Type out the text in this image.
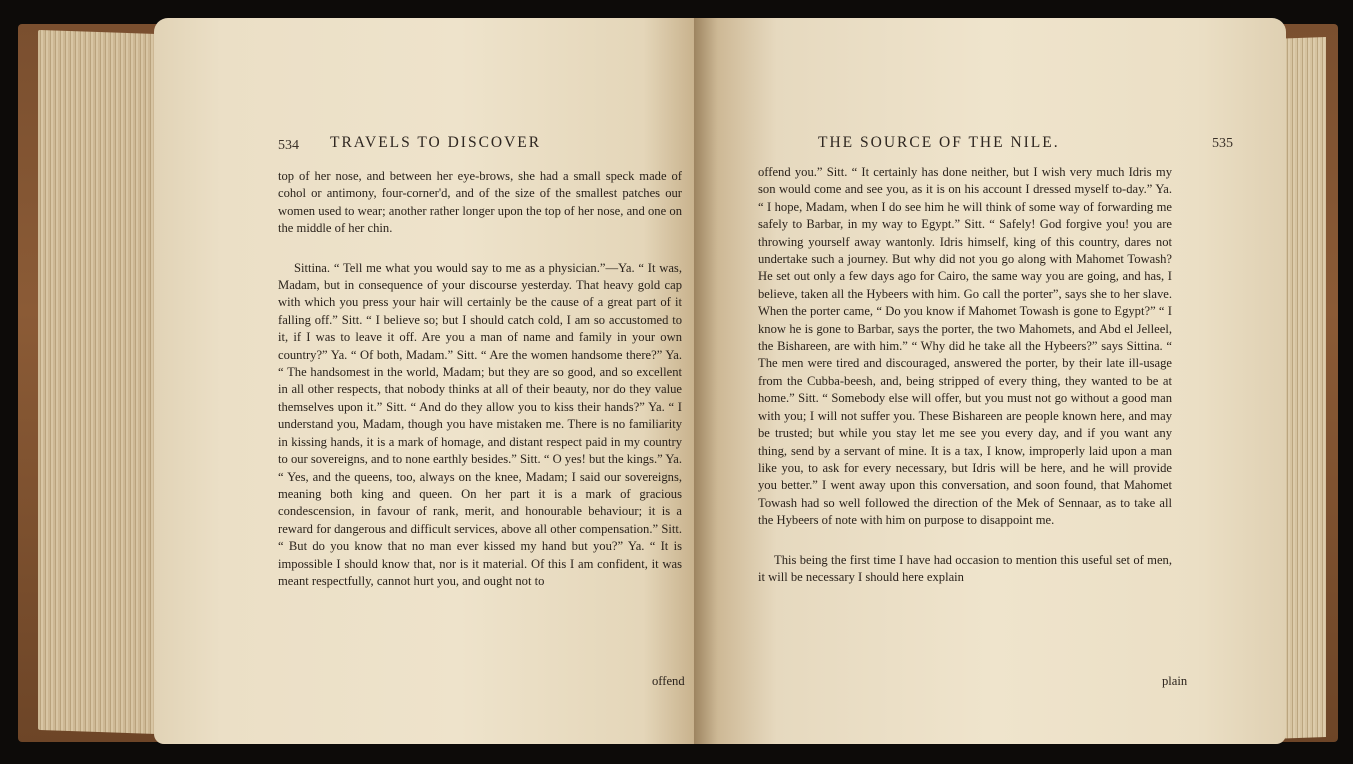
534 TRAVELS TO DISCOVER

top of her nose, and between her eye-brows, she had a small speck made of cohol or antimony, four-corner'd, and of the size of the smallest patches our women used to wear; another rather longer upon the top of her nose, and one on the middle of her chin.

Sittina. “ Tell me what you would say to me as a physician.”—Ya. “ It was, Madam, but in consequence of your discourse yesterday. That heavy gold cap with which you press your hair will certainly be the cause of a great part of it falling off.” Sitt. “ I believe so; but I should catch cold, I am so accustomed to it, if I was to leave it off. Are you a man of name and family in your own country?” Ya. “ Of both, Madam.” Sitt. “ Are the women handsome there?” Ya. “ The handsomest in the world, Madam; but they are so good, and so excellent in all other respects, that nobody thinks at all of their beauty, nor do they value themselves upon it.” Sitt. “ And do they allow you to kiss their hands?” Ya. “ I understand you, Madam, though you have mistaken me. There is no familiarity in kissing hands, it is a mark of homage, and distant respect paid in my country to our sovereigns, and to none earthly besides.” Sitt. “ O yes! but the kings.” Ya. “ Yes, and the queens, too, always on the knee, Madam; I said our sovereigns, meaning both king and queen. On her part it is a mark of gracious condescension, in favour of rank, merit, and honourable behaviour; it is a reward for dangerous and difficult services, above all other compensation.” Sitt. “ But do you know that no man ever kissed my hand but you?” Ya. “ It is impossible I should know that, nor is it material. Of this I am confident, it was meant respectfully, cannot hurt you, and ought not to

offend
THE SOURCE OF THE NILE.	535

offend you.” Sitt. “ It certainly has done neither, but I wish very much Idris my son would come and see you, as it is on his account I dressed myself to-day.” Ya. “ I hope, Madam, when I do see him he will think of some way of forwarding me safely to Barbar, in my way to Egypt.” Sitt. “ Safely! God forgive you! you are throwing yourself away wantonly. Idris himself, king of this country, dares not undertake such a journey. But why did not you go along with Mahomet Towash? He set out only a few days ago for Cairo, the same way you are going, and has, I believe, taken all the Hybeers with him. Go call the porter”, says she to her slave. When the porter came, “ Do you know if Mahomet Towash is gone to Egypt?” “ I know he is gone to Barbar, says the porter, the two Mahomets, and Abd el Jelleel, the Bishareen, are with him.” “ Why did he take all the Hybeers?” says Sittina. “ The men were tired and discouraged, answered the porter, by their late ill-usage from the Cubba-beesh, and, being stripped of every thing, they wanted to be at home.” Sitt. “ Somebody else will offer, but you must not go without a good man with you; I will not suffer you. These Bishareen are people known here, and may be trusted; but while you stay let me see you every day, and if you want any thing, send by a servant of mine. It is a tax, I know, improperly laid upon a man like you, to ask for every necessary, but Idris will be here, and he will provide you better.” I went away upon this conversation, and soon found, that Mahomet Towash had so well followed the direction of the Mek of Sennaar, as to take all the Hybeers of note with him on purpose to disappoint me.

This being the first time I have had occasion to mention this useful set of men, it will be necessary I should here explain

plain
